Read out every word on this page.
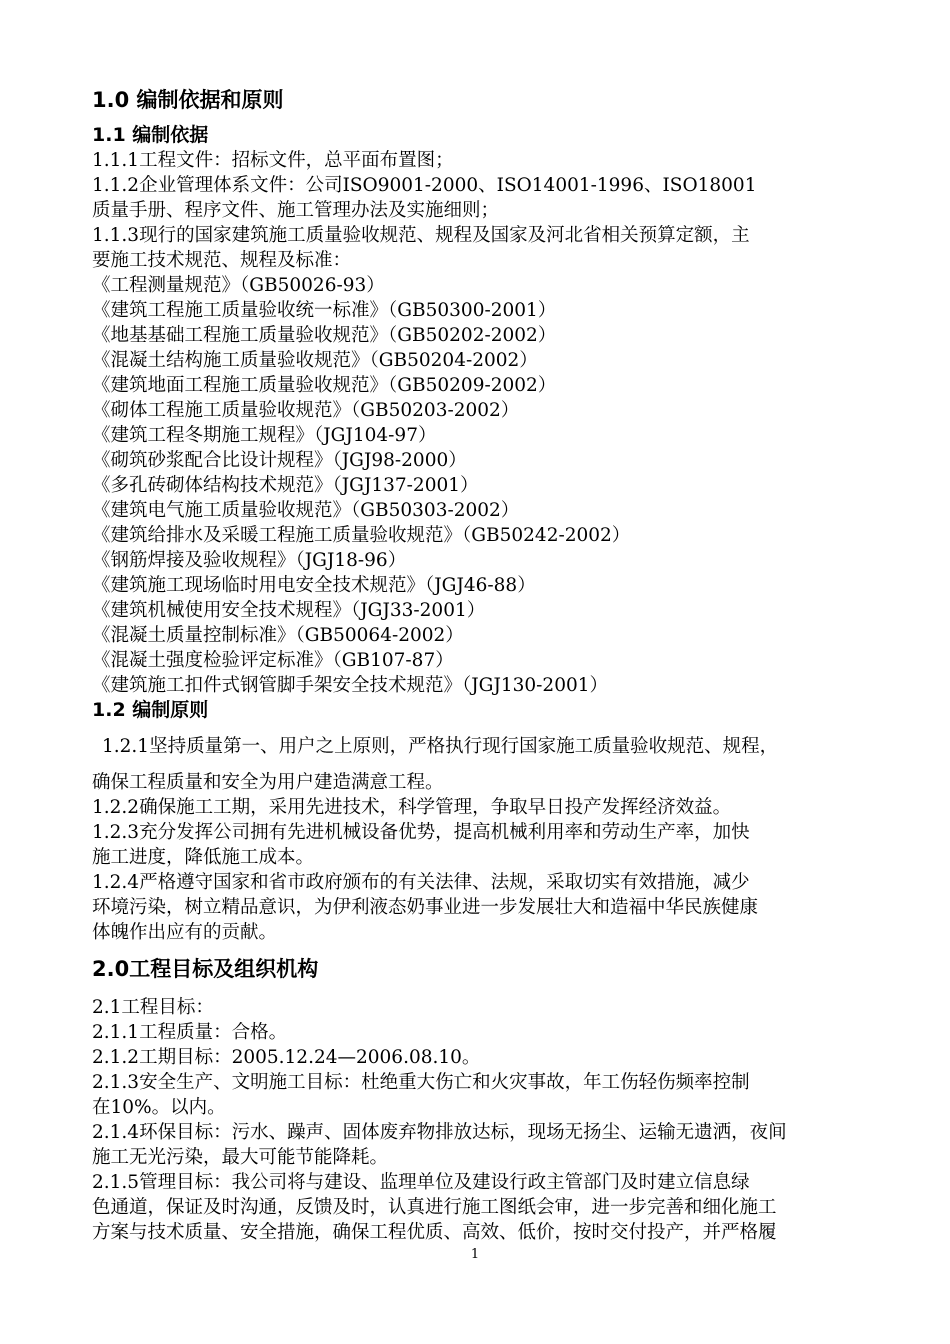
1.0 编制依据和原则
1.1 编制依据
1.1.1工程文件：招标文件，总平面布置图；
1.1.2企业管理体系文件：公司ISO9001-2000、ISO14001-1996、ISO18001
质量手册、程序文件、施工管理办法及实施细则；
1.1.3现行的国家建筑施工质量验收规范、规程及国家及河北省相关预算定额，主
要施工技术规范、规程及标准：
《工程测量规范》（GB50026-93）
《建筑工程施工质量验收统一标准》（GB50300-2001）
《地基基础工程施工质量验收规范》（GB50202-2002）
《混凝土结构施工质量验收规范》（GB50204-2002）
《建筑地面工程施工质量验收规范》（GB50209-2002）
《砌体工程施工质量验收规范》（GB50203-2002）
《建筑工程冬期施工规程》（JGJ104-97）
《砌筑砂浆配合比设计规程》（JGJ98-2000）
《多孔砖砌体结构技术规范》（JGJ137-2001）
《建筑电气施工质量验收规范》（GB50303-2002）
《建筑给排水及采暖工程施工质量验收规范》（GB50242-2002）
《钢筋焊接及验收规程》（JGJ18-96）
《建筑施工现场临时用电安全技术规范》（JGJ46-88）
《建筑机械使用安全技术规程》（JGJ33-2001）
《混凝土质量控制标准》（GB50064-2002）
《混凝土强度检验评定标准》（GB107-87）
《建筑施工扣件式钢管脚手架安全技术规范》（JGJ130-2001）
1.2 编制原则
1.2.1坚持质量第一、用户之上原则，严格执行现行国家施工质量验收规范、规程，
确保工程质量和安全为用户建造满意工程。
1.2.2确保施工工期，采用先进技术，科学管理，争取早日投产发挥经济效益。
1.2.3充分发挥公司拥有先进机械设备优势，提高机械利用率和劳动生产率，加快
施工进度，降低施工成本。
1.2.4严格遵守国家和省市政府颁布的有关法律、法规，采取切实有效措施，减少
环境污染，树立精品意识，为伊利液态奶事业进一步发展壮大和造福中华民族健康
体魄作出应有的贡献。
2.0工程目标及组织机构
2.1工程目标：
2.1.1工程质量：合格。
2.1.2工期目标：2005.12.24—2006.08.10。
2.1.3安全生产、文明施工目标：杜绝重大伤亡和火灾事故，年工伤轻伤频率控制
在10%。以内。
2.1.4环保目标：污水、躁声、固体废弃物排放达标，现场无扬尘、运输无遗洒，夜间
施工无光污染，最大可能节能降耗。
2.1.5管理目标：我公司将与建设、监理单位及建设行政主管部门及时建立信息绿
色通道，保证及时沟通，反馈及时，认真进行施工图纸会审，进一步完善和细化施工
方案与技术质量、安全措施，确保工程优质、高效、低价，按时交付投产，并严格履
1
